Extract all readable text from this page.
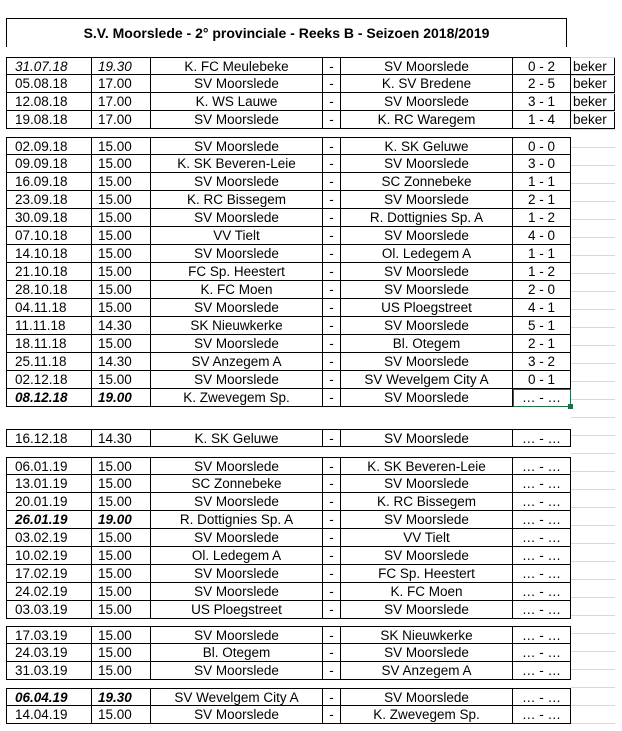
S.V. Moorslede - 2° provinciale - Reeks B - Seizoen 2018/2019
31.07.18	19.30	K. FC Meulebeke	-	SV Moorslede	0 - 2	beker
05.08.18	17.00	SV Moorslede	-	K. SV Bredene	2 - 5	beker
12.08.18	17.00	K. WS Lauwe	-	SV Moorslede	3 - 1	beker
19.08.18	17.00	SV Moorslede	-	K. RC Waregem	1 - 4	beker
02.09.18	15.00	SV Moorslede	-	K. SK Geluwe	0 - 0
09.09.18	15.00	K. SK Beveren-Leie	-	SV Moorslede	3 - 0
16.09.18	15.00	SV Moorslede	-	SC Zonnebeke	1 - 1
23.09.18	15.00	K. RC Bissegem	-	SV Moorslede	2 - 1
30.09.18	15.00	SV Moorslede	-	R. Dottignies Sp. A	1 - 2
07.10.18	15.00	VV Tielt	-	SV Moorslede	4 - 0
14.10.18	15.00	SV Moorslede	-	Ol. Ledegem A	1 - 1
21.10.18	15.00	FC Sp. Heestert	-	SV Moorslede	1 - 2
28.10.18	15.00	K. FC Moen	-	SV Moorslede	2 - 0
04.11.18	15.00	SV Moorslede	-	US Ploegstreet	4 - 1
11.11.18	14.30	SK Nieuwkerke	-	SV Moorslede	5 - 1
18.11.18	15.00	SV Moorslede	-	Bl. Otegem	2 - 1
25.11.18	14.30	SV Anzegem A	-	SV Moorslede	3 - 2
02.12.18	15.00	SV Moorslede	-	SV Wevelgem City A	0 - 1
08.12.18	19.00	K. Zwevegem Sp.	-	SV Moorslede	… - …
16.12.18	14.30	K. SK Geluwe	-	SV Moorslede	… - …
06.01.19	15.00	SV Moorslede	-	K. SK Beveren-Leie	… - …
13.01.19	15.00	SC Zonnebeke	-	SV Moorslede	… - …
20.01.19	15.00	SV Moorslede	-	K. RC Bissegem	… - …
26.01.19	19.00	R. Dottignies Sp. A	-	SV Moorslede	… - …
03.02.19	15.00	SV Moorslede	-	VV Tielt	… - …
10.02.19	15.00	Ol. Ledegem A	-	SV Moorslede	… - …
17.02.19	15.00	SV Moorslede	-	FC Sp. Heestert	… - …
24.02.19	15.00	SV Moorslede	-	K. FC Moen	… - …
03.03.19	15.00	US Ploegstreet	-	SV Moorslede	… - …
17.03.19	15.00	SV Moorslede	-	SK Nieuwkerke	… - …
24.03.19	15.00	Bl. Otegem	-	SV Moorslede	… - …
31.03.19	15.00	SV Moorslede	-	SV Anzegem A	… - …
06.04.19	19.30	SV Wevelgem City A	-	SV Moorslede	… - …
14.04.19	15.00	SV Moorslede	-	K. Zwevegem Sp.	… - …
